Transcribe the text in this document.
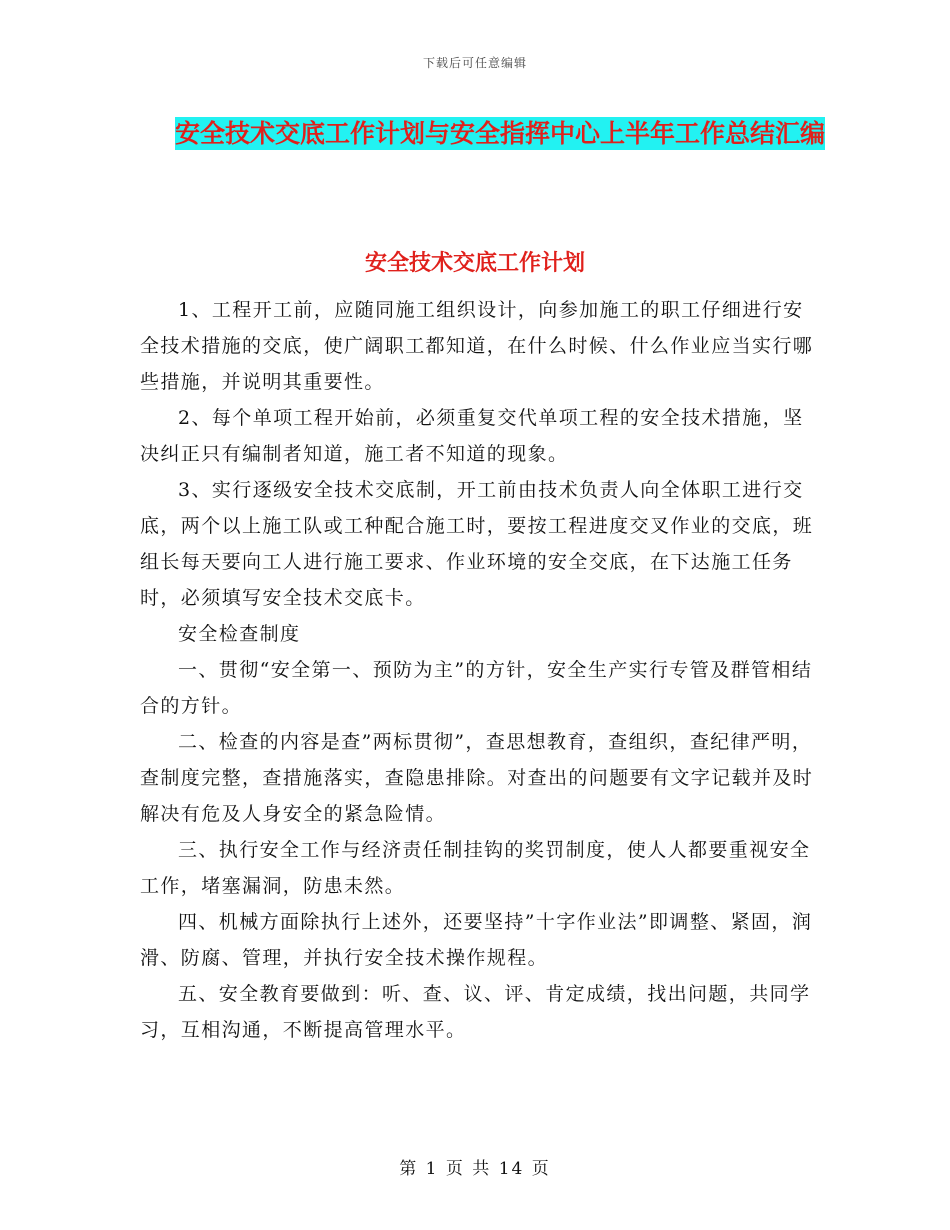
下载后可任意编辑
安全技术交底工作计划与安全指挥中心上半年工作总结汇编
安全技术交底工作计划

1、工程开工前，应随同施工组织设计，向参加施工的职工仔细进行安全技术措施的交底，使广阔职工都知道，在什么时候、什么作业应当实行哪些措施，并说明其重要性。

2、每个单项工程开始前，必须重复交代单项工程的安全技术措施，坚决纠正只有编制者知道，施工者不知道的现象。

3、实行逐级安全技术交底制，开工前由技术负责人向全体职工进行交底，两个以上施工队或工种配合施工时，要按工程进度交叉作业的交底，班组长每天要向工人进行施工要求、作业环境的安全交底，在下达施工任务时，必须填写安全技术交底卡。

安全检查制度

一、贯彻“安全第一、预防为主”的方针，安全生产实行专管及群管相结合的方针。

二、检查的内容是查”两标贯彻”，查思想教育，查组织，查纪律严明，查制度完整，查措施落实，查隐患排除。对查出的问题要有文字记载并及时解决有危及人身安全的紧急险情。

三、执行安全工作与经济责任制挂钩的奖罚制度，使人人都要重视安全工作，堵塞漏洞，防患未然。

四、机械方面除执行上述外，还要坚持”十字作业法”即调整、紧固，润滑、防腐、管理，并执行安全技术操作规程。

五、安全教育要做到：听、查、议、评、肯定成绩，找出问题，共同学习，互相沟通，不断提高管理水平。

第 1 页 共 14 页
